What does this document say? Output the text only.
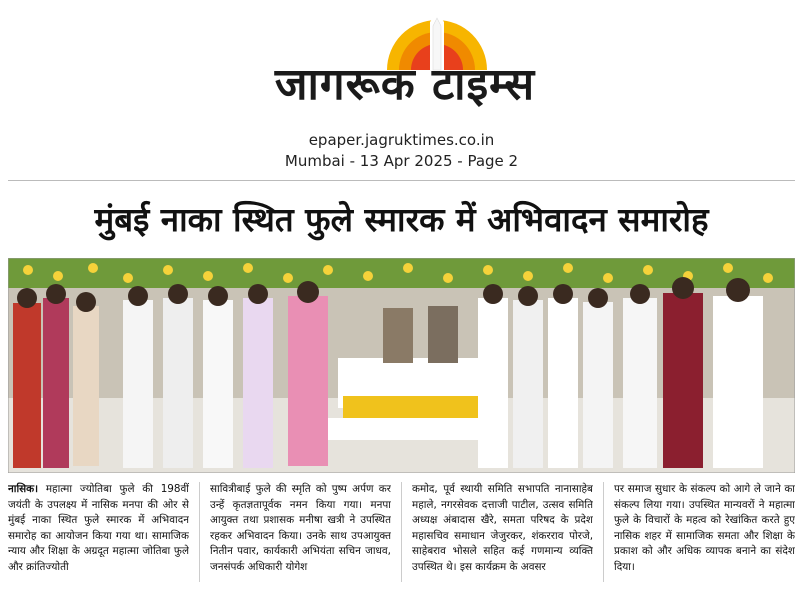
जागरूक टाइम्स
epaper.jagruktimes.co.in
Mumbai - 13 Apr 2025 - Page 2
मुंबई नाका स्थित फुले स्मारक में अभिवादन समारोह
नासिक। महात्मा ज्योतिबा फुले की 198वीं जयंती के उपलक्ष्य में नासिक मनपा की ओर से मुंबई नाका स्थित फुले स्मारक में अभिवादन समारोह का आयोजन किया गया था। सामाजिक न्याय और शिक्षा के अग्रदूत महात्मा जोतिबा फुले और क्रांतिज्योती
सावित्रीबाई फुले की स्मृति को पुष्प अर्पण कर उन्हें कृतज्ञतापूर्वक नमन किया गया। मनपा आयुक्त तथा प्रशासक मनीषा खत्री ने उपस्थित रहकर अभिवादन किया। उनके साथ उपआयुक्त नितीन पवार, कार्यकारी अभियंता सचिन जाधव, जनसंपर्क अधिकारी योगेश
कमोद, पूर्व स्थायी समिति सभापति नानासाहेब महाले, नगरसेवक दत्ताजी पाटील, उत्सव समिति अध्यक्ष अंबादास खैरे, समता परिषद के प्रदेश महासचिव समाधान जेजुरकर, शंकरराव पोरजे, साहेबराव भोसले सहित कई गणमान्य व्यक्ति उपस्थित थे। इस कार्यक्रम के अवसर
पर समाज सुधार के संकल्प को आगे ले जाने का संकल्प लिया गया। उपस्थित मान्यवरों ने महात्मा फुले के विचारों के महत्व को रेखांकित करते हुए नासिक शहर में सामाजिक समता और शिक्षा के प्रकाश को और अधिक व्यापक बनाने का संदेश दिया।
